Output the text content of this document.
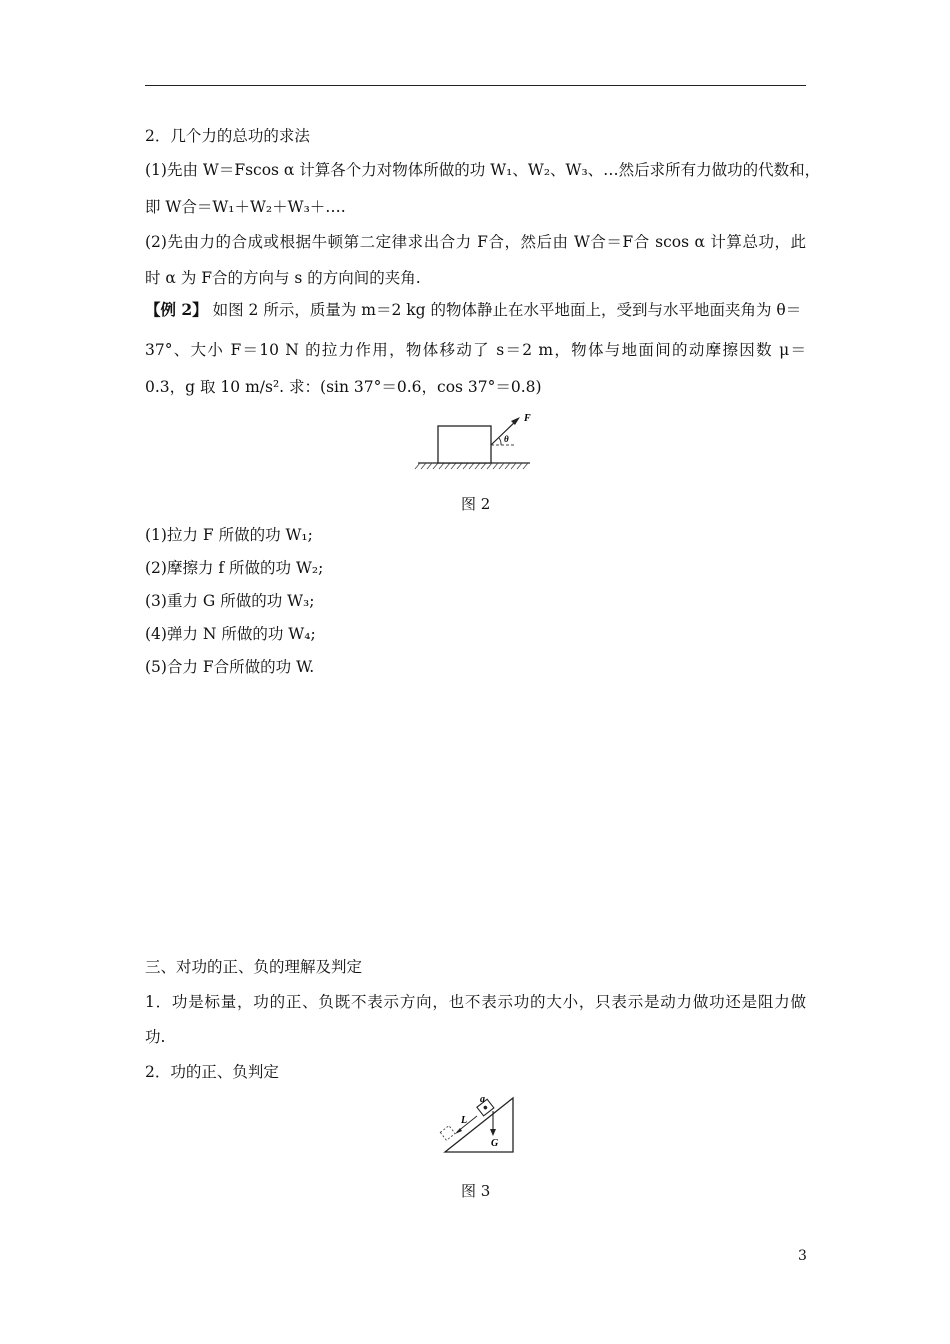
2．几个力的总功的求法
(1)先由 W＝Fscos α 计算各个力对物体所做的功 W₁、W₂、W₃、…然后求所有力做功的代数和，
即 W合＝W₁＋W₂＋W₃＋….
(2)先由力的合成或根据牛顿第二定律求出合力 F合，然后由 W合＝F合 scos α 计算总功，此
时 α 为 F合的方向与 s 的方向间的夹角.
【例 2】 如图 2 所示，质量为 m＝2 kg 的物体静止在水平地面上，受到与水平地面夹角为 θ＝
37°、大小 F＝10 N 的拉力作用，物体移动了 s＝2 m，物体与地面间的动摩擦因数 μ＝
0.3，g 取 10 m/s². 求：(sin 37°＝0.6，cos 37°＝0.8)
F
θ
图 2
(1)拉力 F 所做的功 W₁;
(2)摩擦力 f 所做的功 W₂;
(3)重力 G 所做的功 W₃;
(4)弹力 N 所做的功 W₄;
(5)合力 F合所做的功 W.
三、对功的正、负的理解及判定
1．功是标量，功的正、负既不表示方向，也不表示功的大小，只表示是动力做功还是阻力做
功.
2．功的正、负判定
a
L
G
图 3
3
